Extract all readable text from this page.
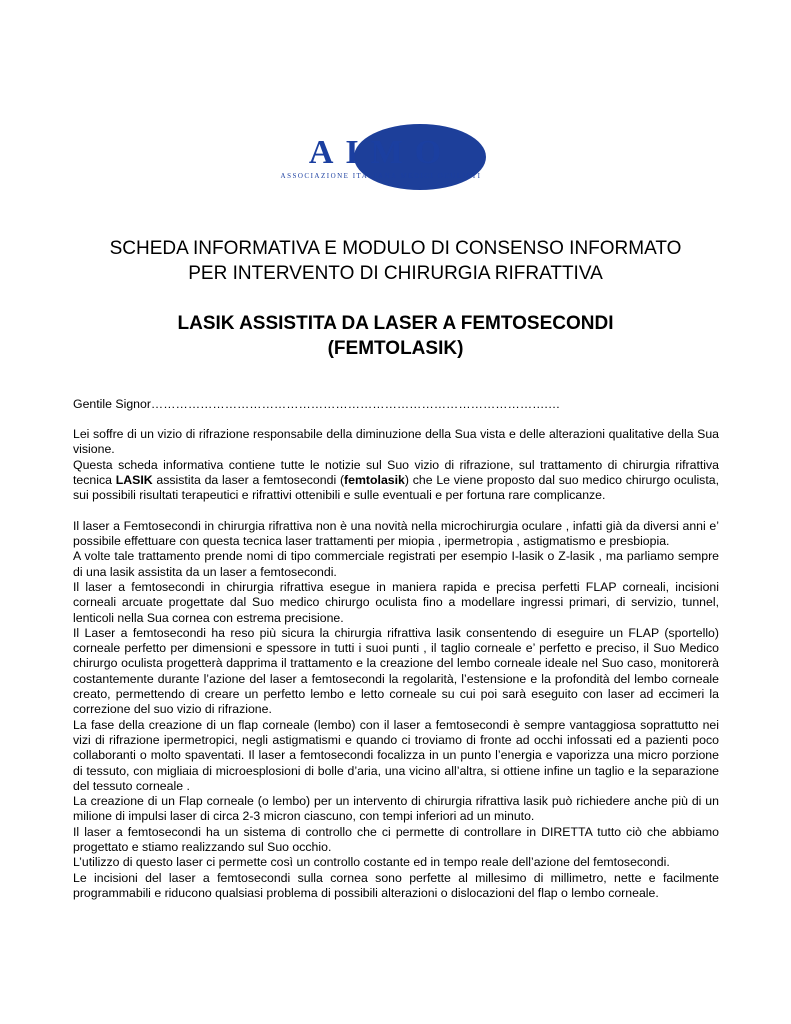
AIMO
ASSOCIAZIONE ITALIANA MEDICI OCULISTI
SCHEDA INFORMATIVA E MODULO DI CONSENSO INFORMATO
PER INTERVENTO DI CHIRURGIA RIFRATTIVA
LASIK ASSISTITA DA LASER A FEMTOSECONDI
(FEMTOLASIK)
Gentile Signor…………………………………………………………………………………….…

Lei soffre di un vizio di rifrazione responsabile della diminuzione della Sua vista e delle alterazioni qualitative della Sua visione.

Questa scheda informativa contiene tutte le notizie sul Suo vizio di rifrazione, sul trattamento di chirurgia rifrattiva tecnica LASIK assistita da laser a femtosecondi (femtolasik) che Le viene proposto dal suo medico chirurgo oculista, sui possibili risultati terapeutici e rifrattivi ottenibili e sulle eventuali e per fortuna rare complicanze.

Il laser a Femtosecondi in chirurgia rifrattiva non è una novità nella microchirurgia oculare , infatti già da diversi anni e’ possibile effettuare con questa tecnica laser trattamenti per miopia , ipermetropia , astigmatismo e presbiopia.

A volte tale trattamento prende nomi di tipo commerciale registrati per esempio I-lasik o Z-lasik , ma parliamo sempre di una lasik assistita da un laser a femtosecondi.

Il laser a femtosecondi in chirurgia rifrattiva esegue in maniera rapida e precisa perfetti FLAP corneali, incisioni corneali arcuate progettate dal Suo medico chirurgo oculista fino a modellare ingressi primari, di servizio, tunnel, lenticoli nella Sua cornea con estrema precisione.

Il Laser a femtosecondi ha reso più sicura la chirurgia rifrattiva lasik consentendo di eseguire un FLAP (sportello) corneale perfetto per dimensioni e spessore in tutti i suoi punti , il taglio corneale e’ perfetto e preciso, il Suo Medico chirurgo oculista progetterà dapprima il trattamento e la creazione del lembo corneale ideale nel Suo caso, monitorerà costantemente durante l’azione del laser a femtosecondi la regolarità, l’estensione e la profondità del lembo corneale creato, permettendo di creare un perfetto lembo e letto corneale su cui poi sarà eseguito con laser ad eccimeri la correzione del suo vizio di rifrazione.

La fase della creazione di un flap corneale (lembo) con il laser a femtosecondi è sempre vantaggiosa soprattutto nei vizi di rifrazione ipermetropici, negli astigmatismi e quando ci troviamo di fronte ad occhi infossati ed a pazienti poco collaboranti o molto spaventati. Il laser a femtosecondi focalizza in un punto l’energia e vaporizza una micro porzione di tessuto, con migliaia di microesplosioni di bolle d’aria, una vicino all’altra, si ottiene infine un taglio e la separazione del tessuto corneale .

La creazione di un Flap corneale (o lembo) per un intervento di chirurgia rifrattiva lasik può richiedere anche più di un milione di impulsi laser di circa 2-3 micron ciascuno, con tempi inferiori ad un minuto.

Il laser a femtosecondi ha un sistema di controllo che ci permette di controllare in DIRETTA tutto ciò che abbiamo progettato e stiamo realizzando sul Suo occhio.

L’utilizzo di questo laser ci permette così un controllo costante ed in tempo reale dell’azione del femtosecondi.

Le incisioni del laser a femtosecondi sulla cornea sono perfette al millesimo di millimetro, nette e facilmente programmabili e riducono qualsiasi problema di possibili alterazioni o dislocazioni del flap o lembo corneale.
